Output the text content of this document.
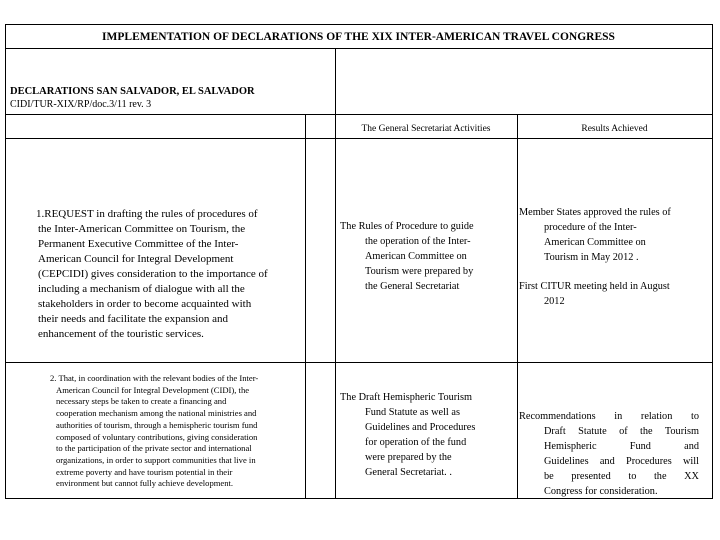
IMPLEMENTATION OF DECLARATIONS OF THE XIX INTER-AMERICAN TRAVEL CONGRESS
DECLARATIONS SAN SALVADOR, EL SALVADOR
CIDI/TUR-XIX/RP/doc.3/11 rev. 3
The General Secretariat Activities	Results Achieved
1.REQUEST in drafting the rules of procedures of
the Inter-American Committee on Tourism, the
Permanent Executive Committee of the Inter-
American Council for Integral Development
(CEPCIDI) gives consideration to the importance of
including a mechanism of dialogue with all the
stakeholders in order to become acquainted with
their needs and facilitate the expansion and
enhancement of the touristic services.
The Rules of Procedure to guide
the operation of the Inter-
American Committee on
Tourism were prepared by
the General Secretariat
Member States approved the rules of
procedure of the Inter-
American Committee on
Tourism in May 2012 .
First CITUR meeting held in August
2012
2. That, in coordination with the relevant bodies of the Inter-
American Council for Integral Development (CIDI), the
necessary steps be taken to create a financing and
cooperation mechanism among the national ministries and
authorities of tourism, through a hemispheric tourism fund
composed of voluntary contributions, giving consideration
to the participation of the private sector and international
organizations, in order to support communities that live in
extreme poverty and have tourism potential in their
environment but cannot fully achieve development.
The Draft Hemispheric Tourism
Fund Statute as well as
Guidelines and Procedures
for operation of the fund
were prepared by the
General Secretariat. .
Recommendations in relation to
Draft Statute of the Tourism
Hemispheric Fund and
Guidelines and Procedures will
be presented to the XX
Congress for consideration.
